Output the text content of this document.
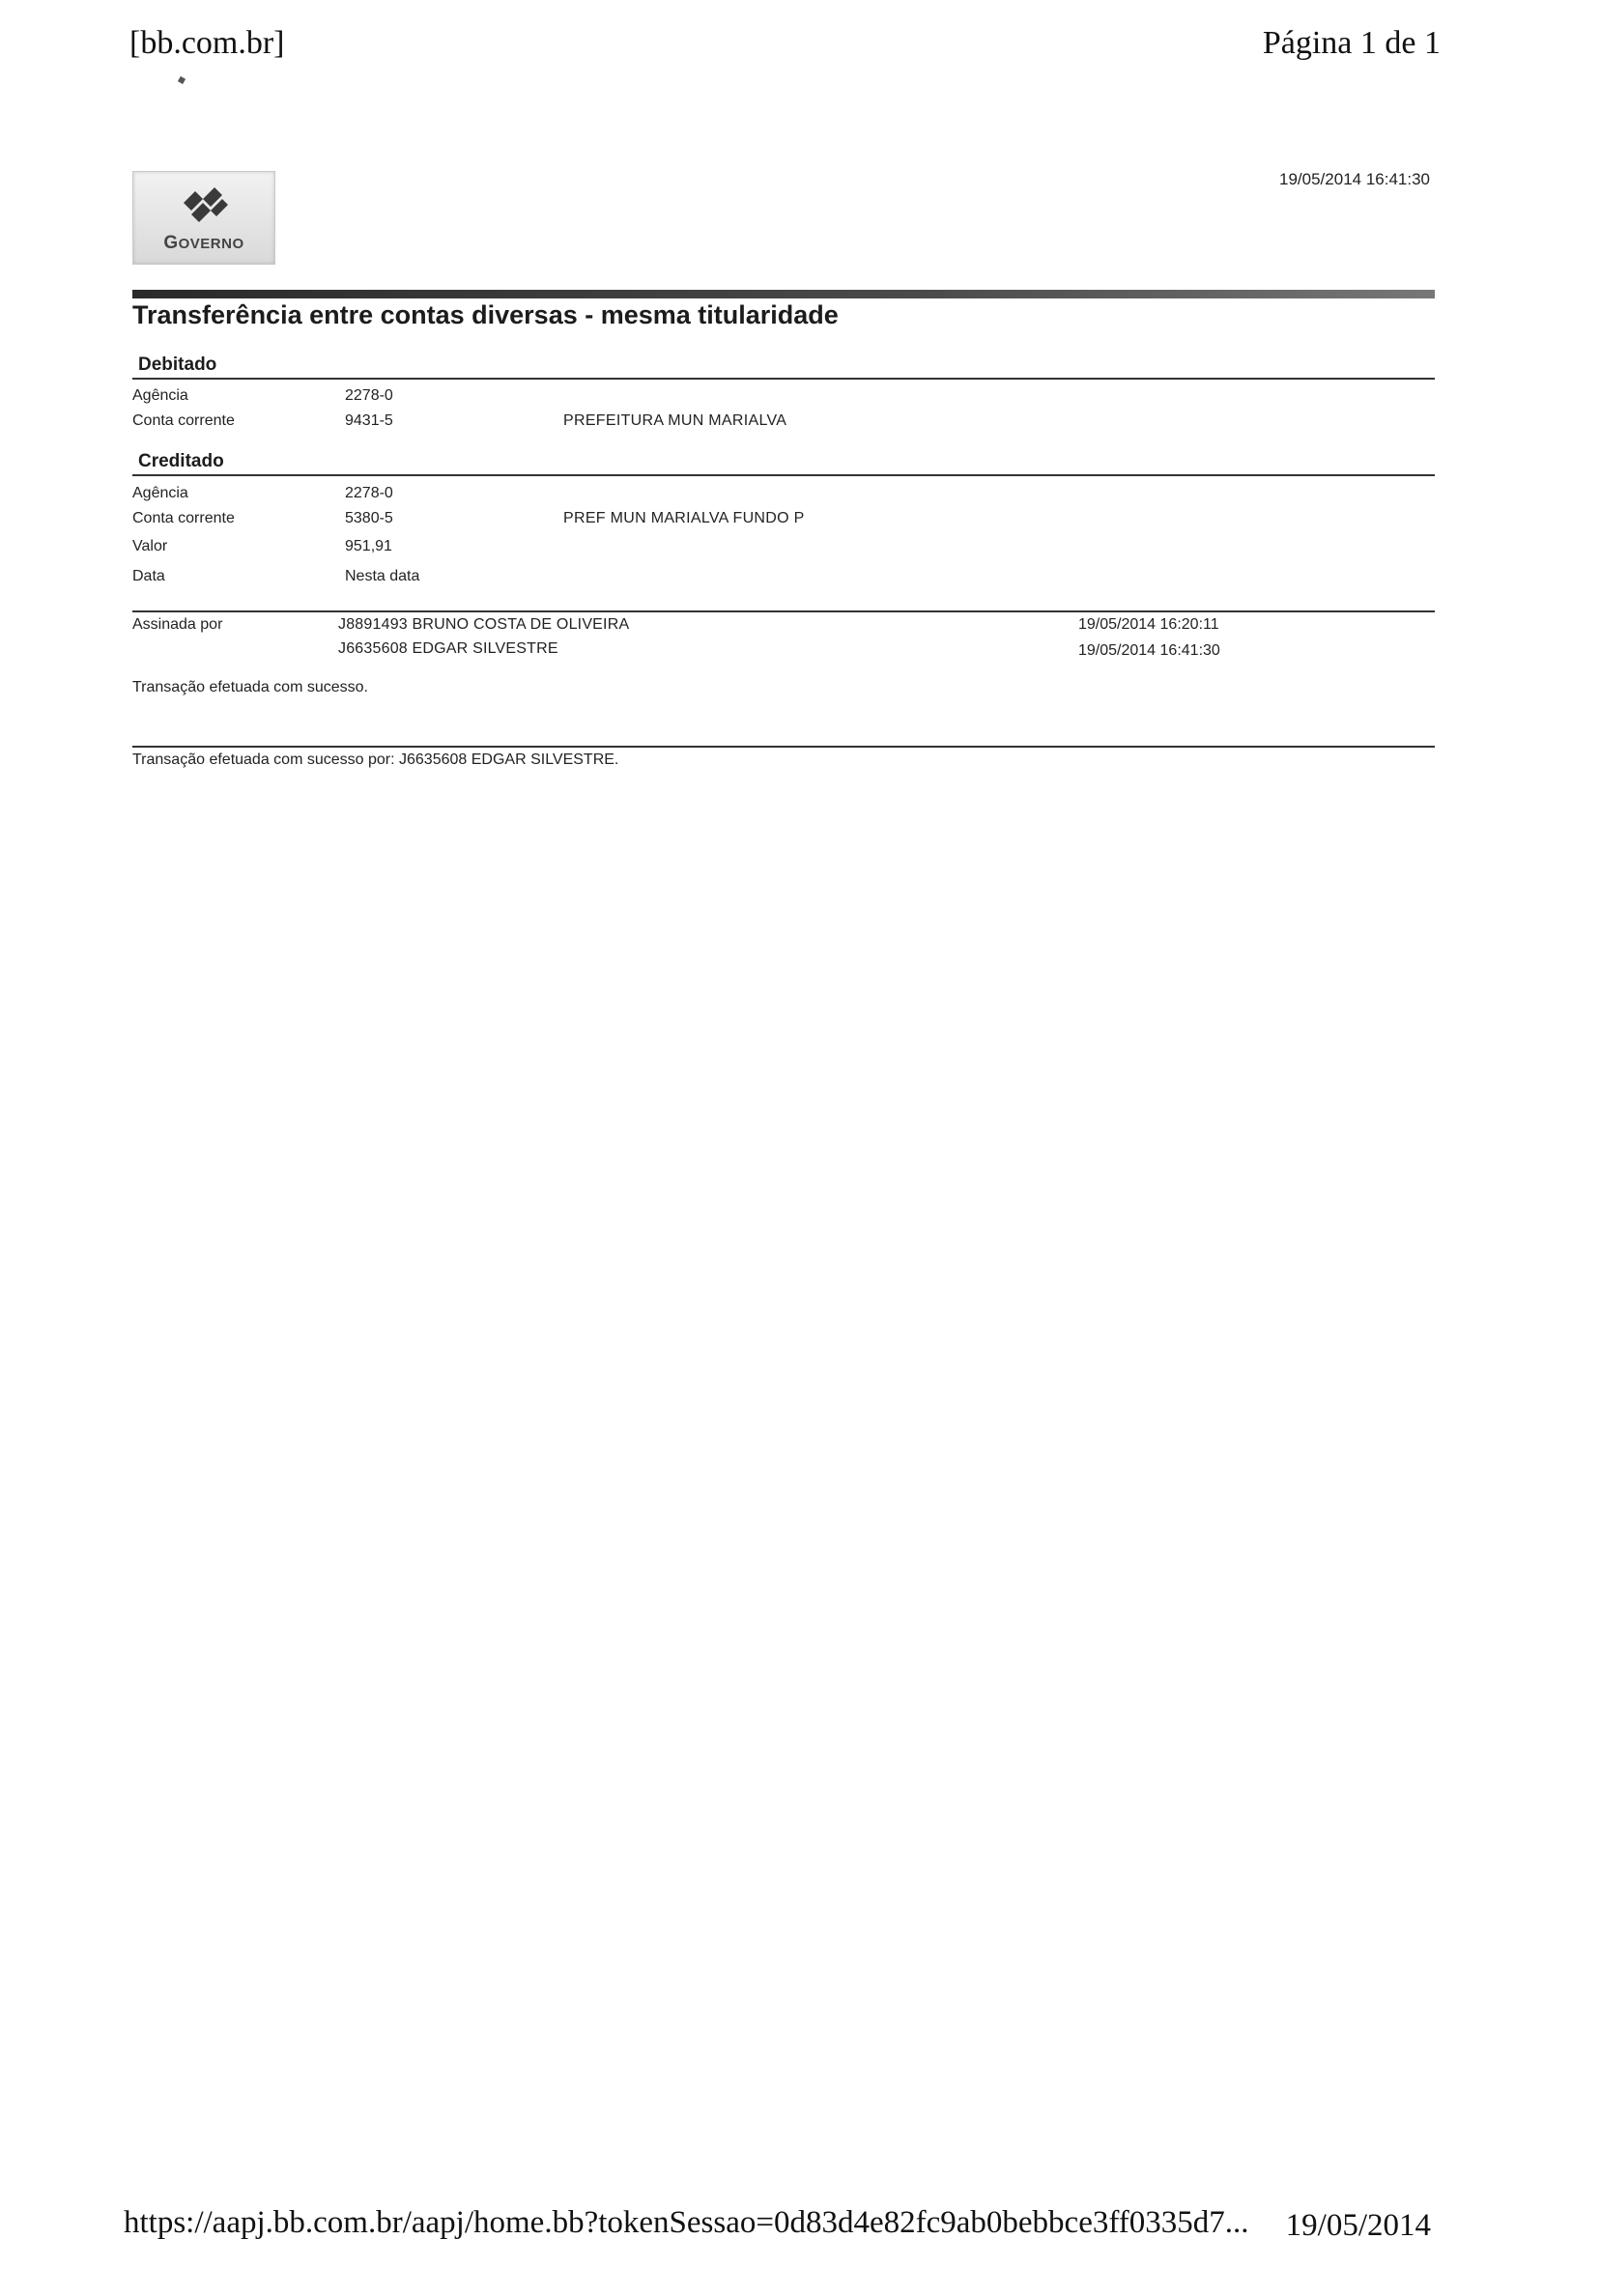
[bb.com.br]	Página 1 de 1
GOVERNO
19/05/2014 16:41:30
Transferência entre contas diversas - mesma titularidade
Debitado
Agência	2278-0
Conta corrente	9431-5	PREFEITURA MUN MARIALVA
Creditado
Agência	2278-0
Conta corrente	5380-5	PREF MUN MARIALVA FUNDO P
Valor	951,91
Data	Nesta data
Assinada por	J8891493 BRUNO COSTA DE OLIVEIRA	19/05/2014 16:20:11
J6635608 EDGAR SILVESTRE	19/05/2014 16:41:30
Transação efetuada com sucesso.
Transação efetuada com sucesso por: J6635608 EDGAR SILVESTRE.
https://aapj.bb.com.br/aapj/home.bb?tokenSessao=0d83d4e82fc9ab0bebbce3ff0335d7... 19/05/2014
